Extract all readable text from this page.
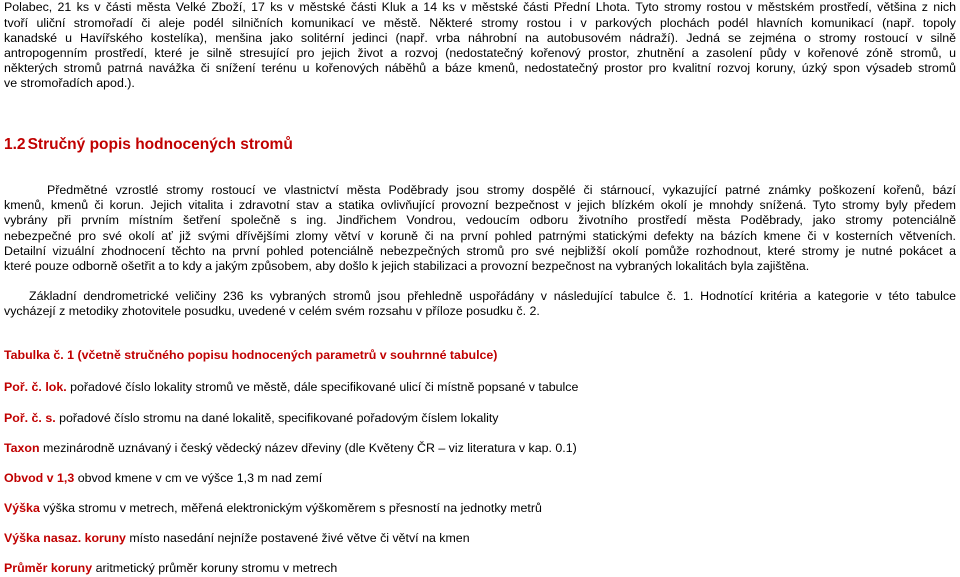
Polabec, 21 ks v části města Velké Zboží, 17 ks v městské části Kluk a 14 ks v městské části Přední Lhota. Tyto stromy rostou v městském prostředí, většina z nich
tvoří uliční stromořadí či aleje podél silničních komunikací ve městě. Některé stromy rostou i v parkových plochách podél hlavních komunikací (např. topoly
kanadské u Havířského kostelíka), menšina jako solitérní jedinci (např. vrba náhrobní na autobusovém nádraží). Jedná se zejména o stromy rostoucí v silně
antropogenním prostředí, které je silně stresující pro jejich život a rozvoj (nedostatečný kořenový prostor, zhutnění a zasolení půdy v kořenové zóně stromů, u
některých stromů patrná navážka či snížení terénu u kořenových náběhů a báze kmenů, nedostatečný prostor pro kvalitní rozvoj koruny, úzký spon výsadeb stromů
ve stromořadích apod.).
1.2 Stručný popis hodnocených stromů
Předmětné vzrostlé stromy rostoucí ve vlastnictví města Poděbrady jsou stromy dospělé či stárnoucí, vykazující patrné známky poškození kořenů, bází
kmenů, kmenů či korun. Jejich vitalita i zdravotní stav a statika ovlivňující provozní bezpečnost v jejich blízkém okolí je mnohdy snížená. Tyto stromy byly předem
vybrány při prvním místním šetření společně s ing. Jindřichem Vondrou, vedoucím odboru životního prostředí města Poděbrady, jako stromy potenciálně
nebezpečné pro své okolí ať již svými dřívějšími zlomy větví v koruně či na první pohled patrnými statickými defekty na bázích kmene či v kosterních větveních.
Detailní vizuální zhodnocení těchto na první pohled potenciálně nebezpečných stromů pro své nejbližší okolí pomůže rozhodnout, které stromy je nutné pokácet a
které pouze odborně ošetřit a to kdy a jakým způsobem, aby došlo k jejich stabilizaci a provozní bezpečnost na vybraných lokalitách byla zajištěna.
Základní dendrometrické veličiny 236 ks vybraných stromů jsou přehledně uspořádány v následující tabulce č. 1. Hodnotící kritéria a kategorie v této tabulce
vycházejí z metodiky zhotovitele posudku, uvedené v celém svém rozsahu v příloze posudku č. 2.
Tabulka č. 1 (včetně stručného popisu hodnocených parametrů v souhrnné tabulce)
Poř. č. lok. pořadové číslo lokality stromů ve městě, dále specifikované ulicí či místně popsané v tabulce
Poř. č. s. pořadové číslo stromu na dané lokalitě, specifikované pořadovým číslem lokality
Taxon mezinárodně uznávaný i český vědecký název dřeviny (dle Květeny ČR – viz literatura v kap. 0.1)
Obvod v 1,3 obvod kmene v cm ve výšce 1,3 m nad zemí
Výška výška stromu v metrech, měřená elektronickým výškoměrem s přesností na jednotky metrů
Výška nasaz. koruny místo nasedání nejníže postavené živé větve či větví na kmen
Průměr koruny aritmetický průměr koruny stromu v metrech
